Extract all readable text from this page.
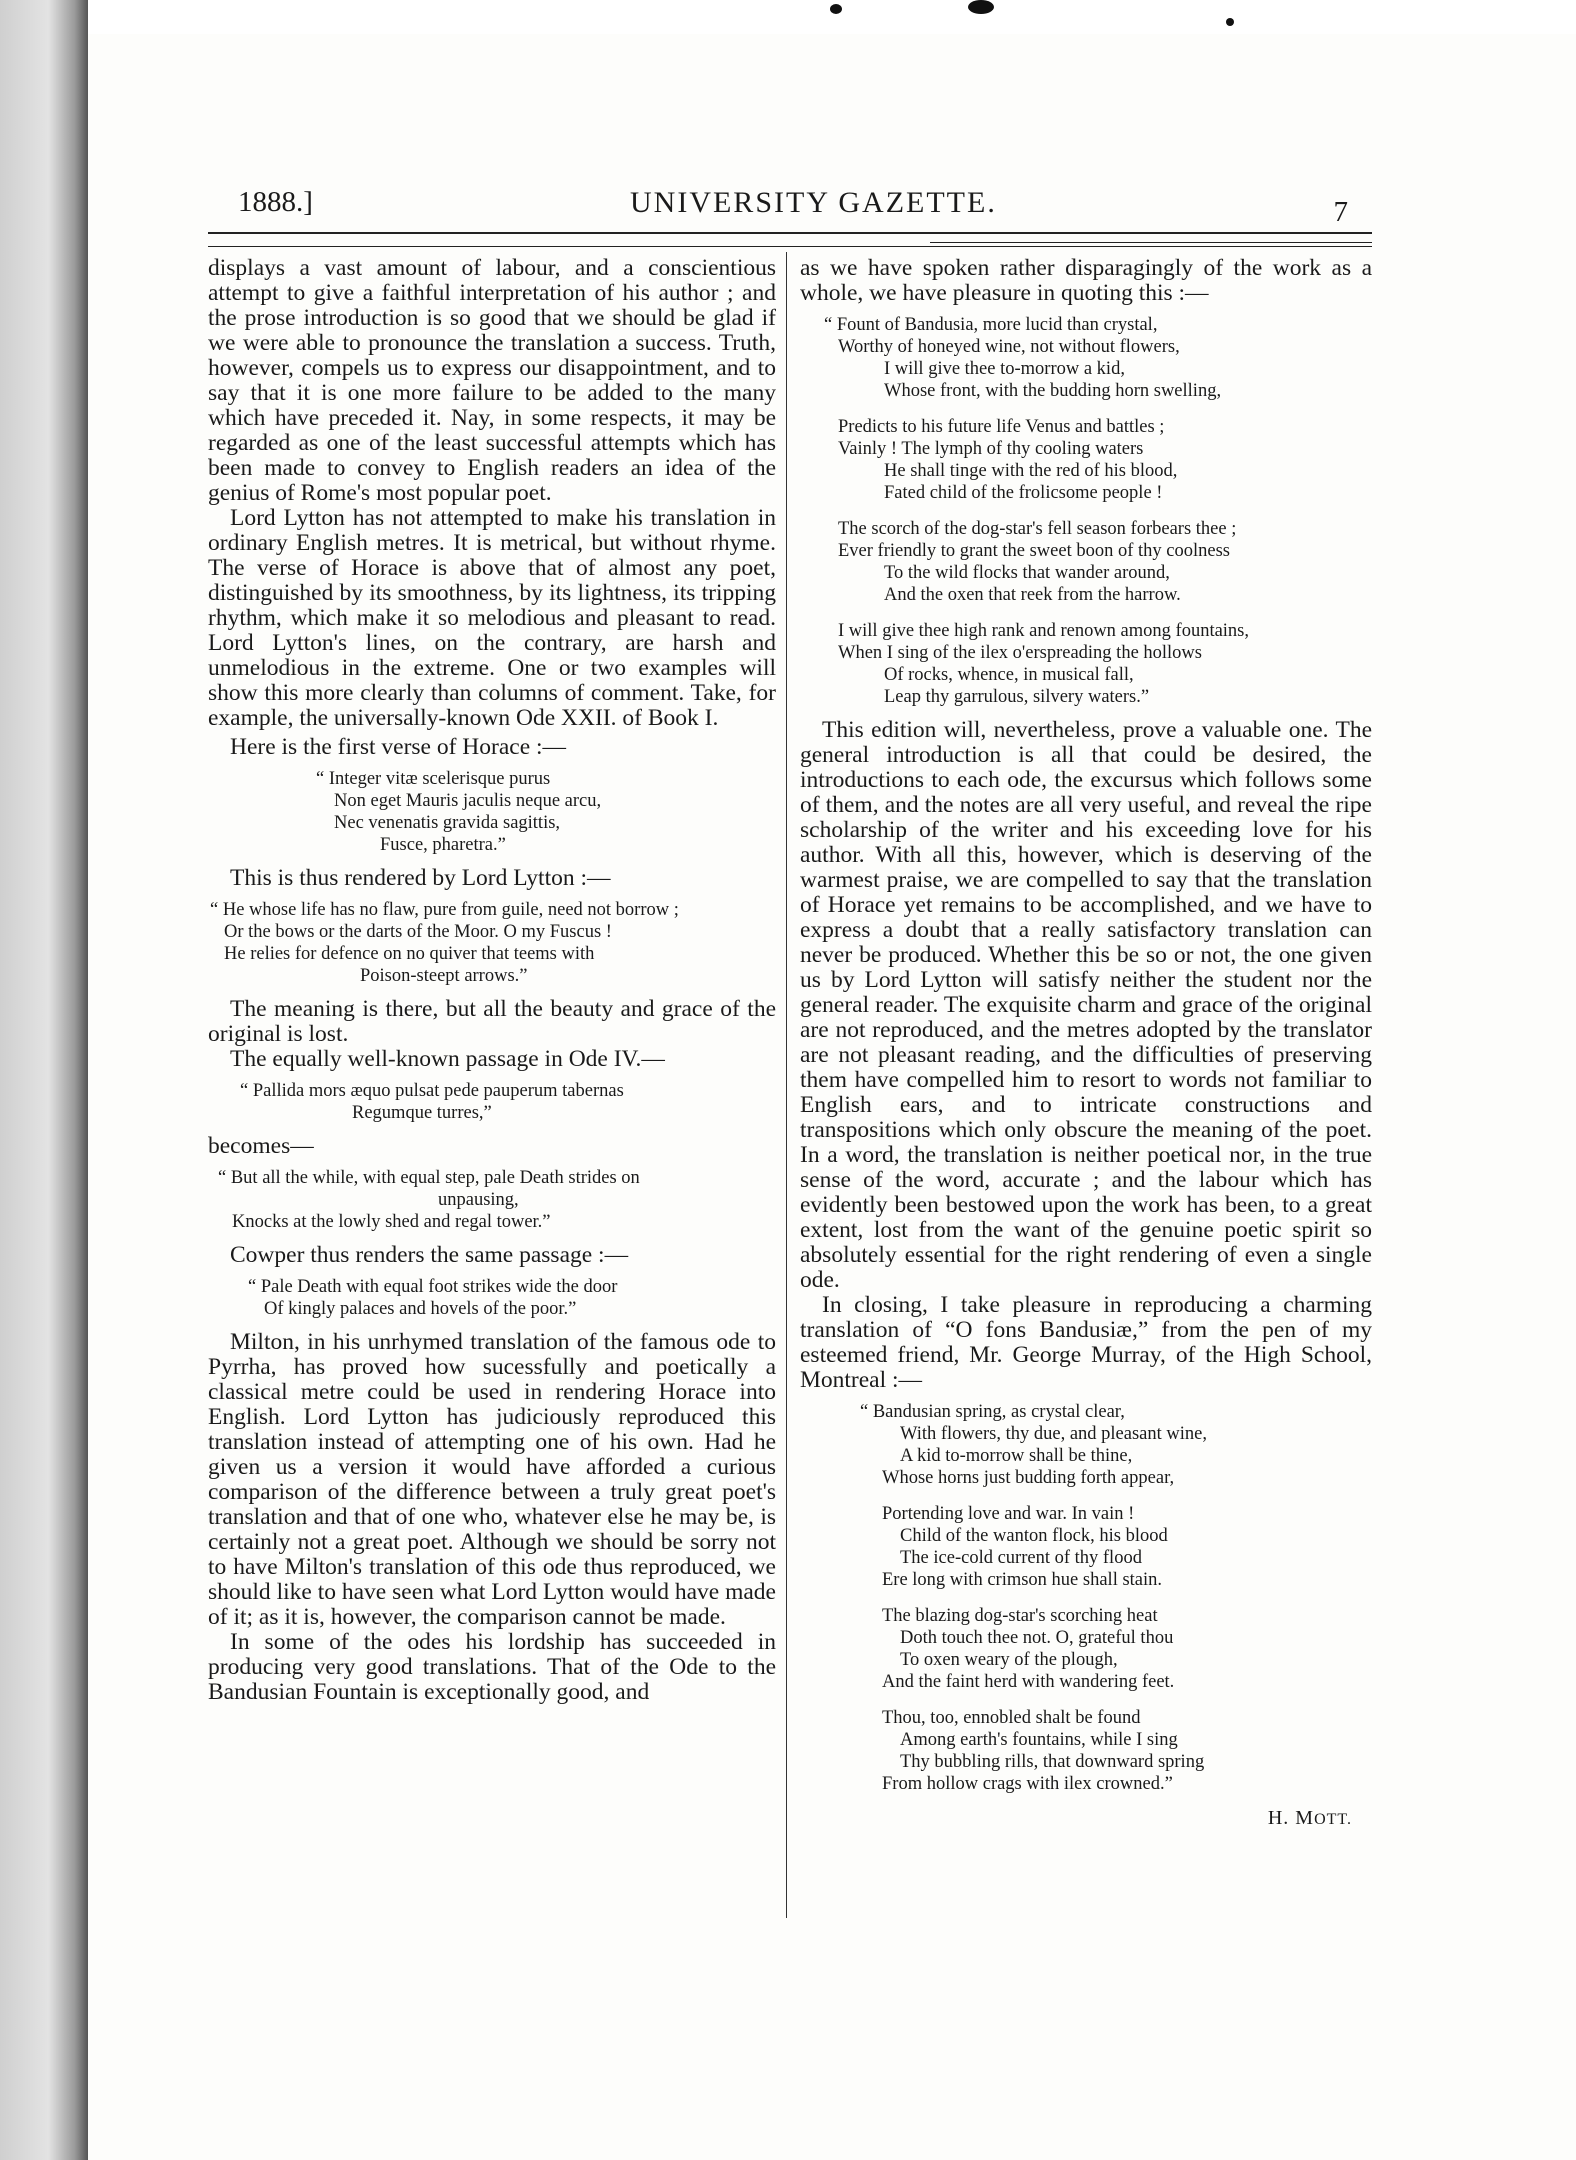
1888.]	UNIVERSITY GAZETTE.	7

displays a vast amount of labour, and a conscientious attempt to give a faithful interpretation of his author ; and the prose introduction is so good that we should be glad if we were able to pronounce the translation a success. Truth, however, compels us to express our disappointment, and to say that it is one more failure to be added to the many which have preceded it. Nay, in some respects, it may be regarded as one of the least successful attempts which has been made to convey to English readers an idea of the genius of Rome's most popular poet.

Lord Lytton has not attempted to make his translation in ordinary English metres. It is metrical, but without rhyme. The verse of Horace is above that of almost any poet, distinguished by its smoothness, by its lightness, its tripping rhythm, which make it so melodious and pleasant to read. Lord Lytton's lines, on the contrary, are harsh and unmelodious in the extreme. One or two examples will show this more clearly than columns of comment. Take, for example, the universally-known Ode XXII. of Book I.

Here is the first verse of Horace :—

“ Integer vitæ scelerisque purus
Non eget Mauris jaculis neque arcu,
Nec venenatis gravida sagittis,
Fusce, pharetra.”

This is thus rendered by Lord Lytton :—

“ He whose life has no flaw, pure from guile, need not borrow ;
Or the bows or the darts of the Moor. O my Fuscus !
He relies for defence on no quiver that teems with
Poison-steept arrows.”

The meaning is there, but all the beauty and grace of the original is lost.

The equally well-known passage in Ode IV.—

“ Pallida mors æquo pulsat pede pauperum tabernas
Regumque turres,”

becomes—

“ But all the while, with equal step, pale Death strides on
unpausing,
Knocks at the lowly shed and regal tower.”

Cowper thus renders the same passage :—

“ Pale Death with equal foot strikes wide the door
Of kingly palaces and hovels of the poor.”

Milton, in his unrhymed translation of the famous ode to Pyrrha, has proved how sucessfully and poetically a classical metre could be used in rendering Horace into English. Lord Lytton has judiciously reproduced this translation instead of attempting one of his own. Had he given us a version it would have afforded a curious comparison of the difference between a truly great poet's translation and that of one who, whatever else he may be, is certainly not a great poet. Although we should be sorry not to have Milton's translation of this ode thus reproduced, we should like to have seen what Lord Lytton would have made of it; as it is, however, the comparison cannot be made.

In some of the odes his lordship has succeeded in producing very good translations. That of the Ode to the Bandusian Fountain is exceptionally good, and

as we have spoken rather disparagingly of the work as a whole, we have pleasure in quoting this :—

“ Fount of Bandusia, more lucid than crystal,
Worthy of honeyed wine, not without flowers,
I will give thee to-morrow a kid,
Whose front, with the budding horn swelling,
Predicts to his future life Venus and battles ;
Vainly ! The lymph of thy cooling waters
He shall tinge with the red of his blood,
Fated child of the frolicsome people !
The scorch of the dog-star's fell season forbears thee ;
Ever friendly to grant the sweet boon of thy coolness
To the wild flocks that wander around,
And the oxen that reek from the harrow.
I will give thee high rank and renown among fountains,
When I sing of the ilex o'erspreading the hollows
Of rocks, whence, in musical fall,
Leap thy garrulous, silvery waters.”

This edition will, nevertheless, prove a valuable one. The general introduction is all that could be desired, the introductions to each ode, the excursus which follows some of them, and the notes are all very useful, and reveal the ripe scholarship of the writer and his exceeding love for his author. With all this, however, which is deserving of the warmest praise, we are compelled to say that the translation of Horace yet remains to be accomplished, and we have to express a doubt that a really satisfactory translation can never be produced. Whether this be so or not, the one given us by Lord Lytton will satisfy neither the student nor the general reader. The exquisite charm and grace of the original are not reproduced, and the metres adopted by the translator are not pleasant reading, and the difficulties of preserving them have compelled him to resort to words not familiar to English ears, and to intricate constructions and transpositions which only obscure the meaning of the poet. In a word, the translation is neither poetical nor, in the true sense of the word, accurate ; and the labour which has evidently been bestowed upon the work has been, to a great extent, lost from the want of the genuine poetic spirit so absolutely essential for the right rendering of even a single ode.

In closing, I take pleasure in reproducing a charming translation of “O fons Bandusiæ,” from the pen of my esteemed friend, Mr. George Murray, of the High School, Montreal :—

“ Bandusian spring, as crystal clear,
With flowers, thy due, and pleasant wine,
A kid to-morrow shall be thine,
Whose horns just budding forth appear,
Portending love and war. In vain !
Child of the wanton flock, his blood
The ice-cold current of thy flood
Ere long with crimson hue shall stain.
The blazing dog-star's scorching heat
Doth touch thee not. O, grateful thou
To oxen weary of the plough,
And the faint herd with wandering feet.
Thou, too, ennobled shalt be found
Among earth's fountains, while I sing
Thy bubbling rills, that downward spring
From hollow crags with ilex crowned.”
H. MOTT.
